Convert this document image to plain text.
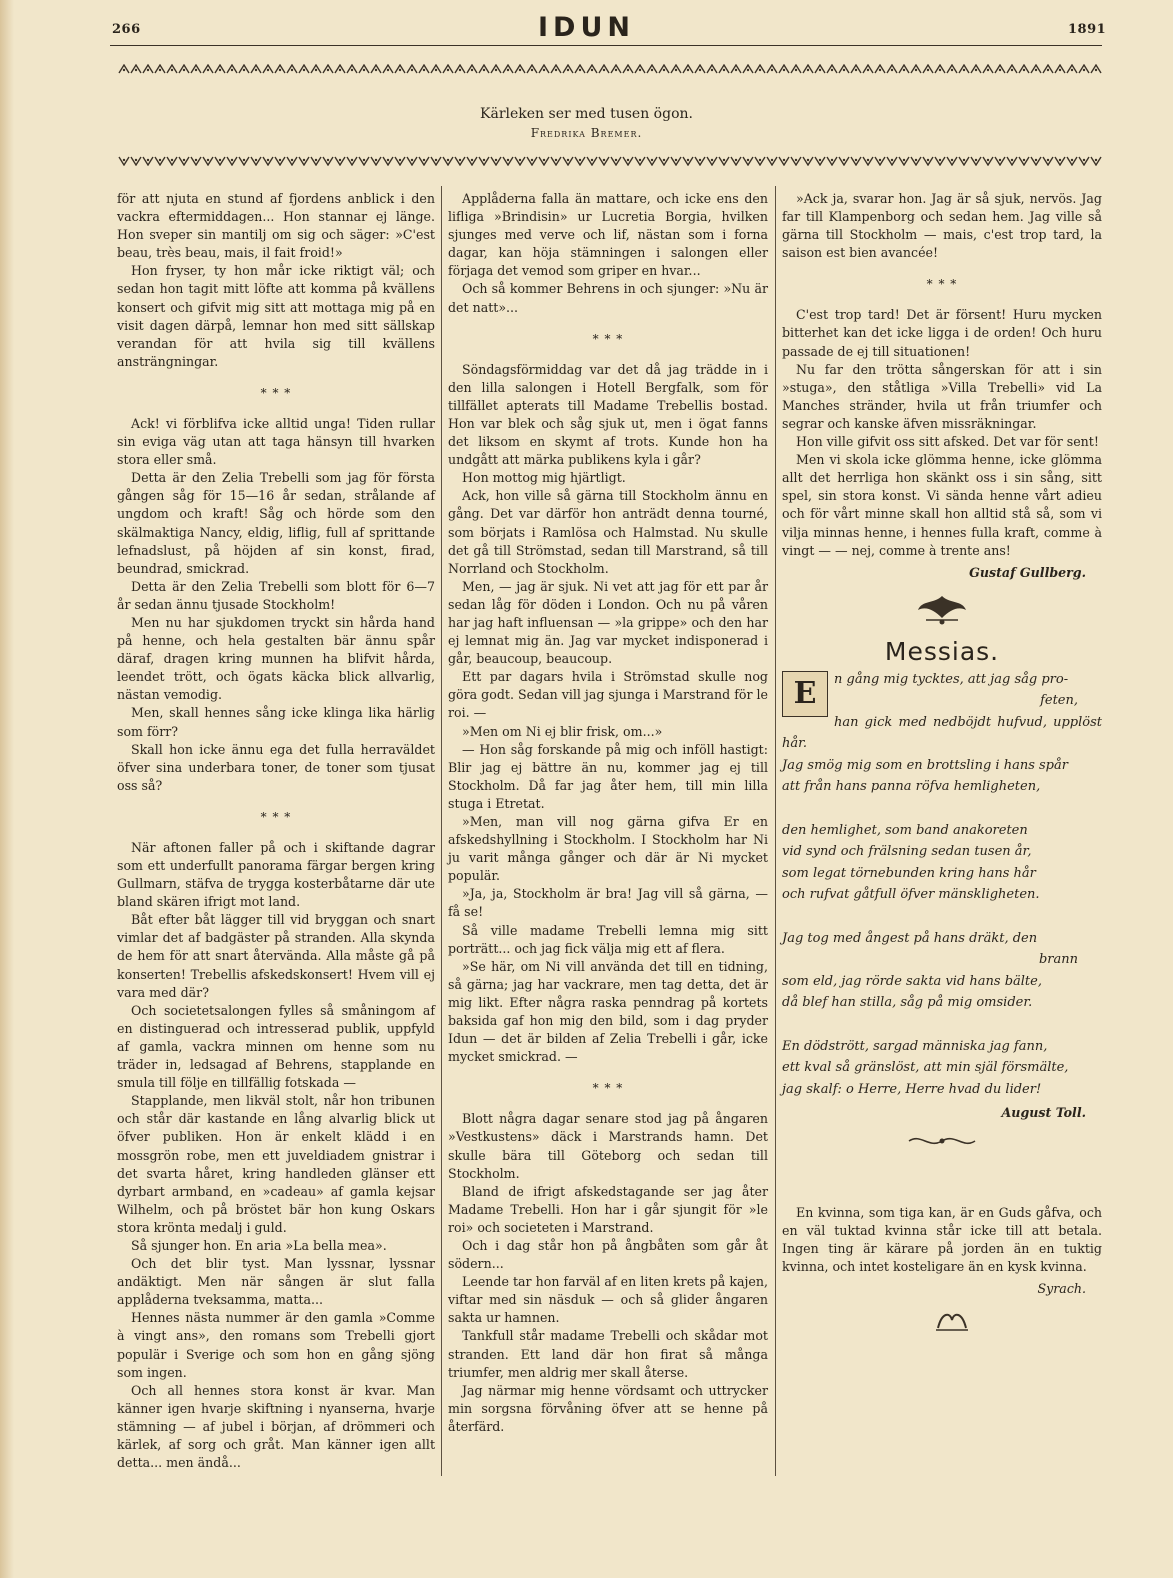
266	IDUN	1891
Kärleken ser med tusen ögon.
Fredrika Bremer.

för att njuta en stund af fjordens anblick i den vackra eftermiddagen... Hon stannar ej länge. Hon sveper sin mantilj om sig och säger: »C'est beau, très beau, mais, il fait froid!»

Hon fryser, ty hon mår icke riktigt väl; och sedan hon tagit mitt löfte att komma på kvällens konsert och gifvit mig sitt att mottaga mig på en visit dagen därpå, lemnar hon med sitt sällskap verandan för att hvila sig till kvällens ansträngningar.

* * *

Ack! vi förblifva icke alltid unga! Tiden rullar sin eviga väg utan att taga hänsyn till hvarken stora eller små.

Detta är den Zelia Trebelli som jag för första gången såg för 15—16 år sedan, strålande af ungdom och kraft! Såg och hörde som den skälmaktiga Nancy, eldig, liflig, full af sprittande lefnadslust, på höjden af sin konst, firad, beundrad, smickrad.

Detta är den Zelia Trebelli som blott för 6—7 år sedan ännu tjusade Stockholm!

Men nu har sjukdomen tryckt sin hårda hand på henne, och hela gestalten bär ännu spår däraf, dragen kring munnen ha blifvit hårda, leendet trött, och ögats käcka blick allvarlig, nästan vemodig.

Men, skall hennes sång icke klinga lika härlig som förr?

Skall hon icke ännu ega det fulla herraväldet öfver sina underbara toner, de toner som tjusat oss så?

* * *

När aftonen faller på och i skiftande dagrar som ett underfullt panorama färgar bergen kring Gullmarn, stäfva de trygga kosterbåtarne där ute bland skären ifrigt mot land.

Båt efter båt lägger till vid bryggan och snart vimlar det af badgäster på stranden. Alla skynda de hem för att snart återvända. Alla måste gå på konserten! Trebellis afskedskonsert! Hvem vill ej vara med där?

Och societetsalongen fylles så småningom af en distinguerad och intresserad publik, uppfyld af gamla, vackra minnen om henne som nu träder in, ledsagad af Behrens, stapplande en smula till följe en tillfällig fotskada —

Stapplande, men likväl stolt, når hon tribunen och står där kastande en lång alvarlig blick ut öfver publiken. Hon är enkelt klädd i en mossgrön robe, men ett juveldiadem gnistrar i det svarta håret, kring handleden glänser ett dyrbart armband, en »cadeau» af gamla kejsar Wilhelm, och på bröstet bär hon kung Oskars stora krönta medalj i guld.

Så sjunger hon. En aria »La bella mea».

Och det blir tyst. Man lyssnar, lyssnar andäktigt. Men när sången är slut falla applåderna tveksamma, matta...

Hennes nästa nummer är den gamla »Comme à vingt ans», den romans som Trebelli gjort populär i Sverige och som hon en gång sjöng som ingen.

Och all hennes stora konst är kvar. Man känner igen hvarje skiftning i nyanserna, hvarje stämning — af jubel i början, af drömmeri och kärlek, af sorg och gråt. Man känner igen allt detta... men ändå...

Applåderna falla än mattare, och icke ens den lifliga »Brindisin» ur Lucretia Borgia, hvilken sjunges med verve och lif, nästan som i forna dagar, kan höja stämningen i salongen eller förjaga det vemod som griper en hvar...

Och så kommer Behrens in och sjunger: »Nu är det natt»...

* * *

Söndagsförmiddag var det då jag trädde in i den lilla salongen i Hotell Bergfalk, som för tillfället apterats till Madame Trebellis bostad. Hon var blek och såg sjuk ut, men i ögat fanns det liksom en skymt af trots. Kunde hon ha undgått att märka publikens kyla i går?

Hon mottog mig hjärtligt.

Ack, hon ville så gärna till Stockholm ännu en gång. Det var därför hon anträdt denna tourné, som börjats i Ramlösa och Halmstad. Nu skulle det gå till Strömstad, sedan till Marstrand, så till Norrland och Stockholm.

Men, — jag är sjuk. Ni vet att jag för ett par år sedan låg för döden i London. Och nu på våren har jag haft influensan — »la grippe» och den har ej lemnat mig än. Jag var mycket indisponerad i går, beaucoup, beaucoup.

Ett par dagars hvila i Strömstad skulle nog göra godt. Sedan vill jag sjunga i Marstrand för le roi. —

»Men om Ni ej blir frisk, om...»

— Hon såg forskande på mig och inföll hastigt: Blir jag ej bättre än nu, kommer jag ej till Stockholm. Då far jag åter hem, till min lilla stuga i Etretat.

»Men, man vill nog gärna gifva Er en afskedshyllning i Stockholm. I Stockholm har Ni ju varit många gånger och där är Ni mycket populär.

»Ja, ja, Stockholm är bra! Jag vill så gärna, — få se!

Så ville madame Trebelli lemna mig sitt porträtt... och jag fick välja mig ett af flera.

»Se här, om Ni vill använda det till en tidning, så gärna; jag har vackrare, men tag detta, det är mig likt. Efter några raska penndrag på kortets baksida gaf hon mig den bild, som i dag pryder Idun — det är bilden af Zelia Trebelli i går, icke mycket smickrad. —

* * *

Blott några dagar senare stod jag på ångaren »Vestkustens» däck i Marstrands hamn. Det skulle bära till Göteborg och sedan till Stockholm.

Bland de ifrigt afskedstagande ser jag åter Madame Trebelli. Hon har i går sjungit för »le roi» och societeten i Marstrand.

Och i dag står hon på ångbåten som går åt södern...

Leende tar hon farväl af en liten krets på kajen, viftar med sin näsduk — och så glider ångaren sakta ur hamnen.

Tankfull står madame Trebelli och skådar mot stranden. Ett land där hon firat så många triumfer, men aldrig mer skall återse.

Jag närmar mig henne vördsamt och uttrycker min sorgsna förvåning öfver att se henne på återfärd.

»Ack ja, svarar hon. Jag är så sjuk, nervös. Jag far till Klampenborg och sedan hem. Jag ville så gärna till Stockholm — mais, c'est trop tard, la saison est bien avancée!

* * *

C'est trop tard! Det är försent! Huru mycken bitterhet kan det icke ligga i de orden! Och huru passade de ej till situationen!

Nu far den trötta sångerskan för att i sin »stuga», den ståtliga »Villa Trebelli» vid La Manches stränder, hvila ut från triumfer och segrar och kanske äfven missräkningar.

Hon ville gifvit oss sitt afsked. Det var för sent!

Men vi skola icke glömma henne, icke glömma allt det herrliga hon skänkt oss i sin sång, sitt spel, sin stora konst. Vi sända henne vårt adieu och för vårt minne skall hon alltid stå så, som vi vilja minnas henne, i hennes fulla kraft, comme à vingt — — nej, comme à trente ans!

Gustaf Gullberg.
Messias.
E	n gång mig tycktes, att jag såg pro-
feten,
han gick med nedböjdt hufvud, upplöst hår.
Jag smög mig som en brottsling i hans spår
att från hans panna röfva hemligheten,
den hemlighet, som band anakoreten
vid synd och frälsning sedan tusen år,
som legat törnebunden kring hans hår
och rufvat gåtfull öfver mänskligheten.
Jag tog med ångest på hans dräkt, den
brann
som eld, jag rörde sakta vid hans bälte,
då blef han stilla, såg på mig omsider.
En dödstrött, sargad människa jag fann,
ett kval så gränslöst, att min själ försmälte,
jag skalf: o Herre, Herre hvad du lider!
August Toll.

En kvinna, som tiga kan, är en Guds gåfva, och en väl tuktad kvinna står icke till att betala. Ingen ting är kärare på jorden än en tuktig kvinna, och intet kosteligare än en kysk kvinna.

Syrach.
